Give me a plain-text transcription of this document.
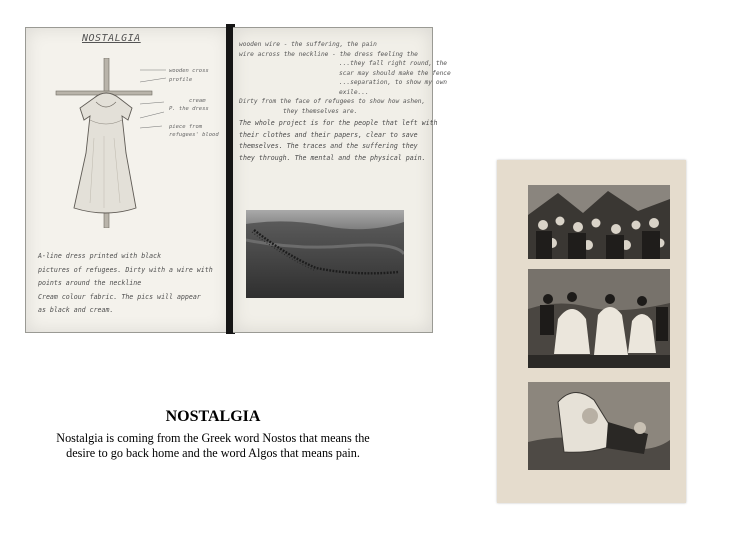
NOSTALGIA
wooden cross
profile
cream
P. the dress
piece from refugees' blood
A-line dress printed with black
pictures of refugees. Dirty with a wire with
points around the neckline
Cream colour fabric. The pics will appear
as black and cream.
wooden wire - the suffering, the pain
wire across the neckline - the dress feeling the
...they fall right round, the
scar may should make the fence
...separation, to show my own
exile...
Dirty from the face of refugees to show how ashen,
they themselves are.
The whole project is for the people that left with
their clothes and their papers, clear to save
themselves. The traces and the suffering they
they through. The mental and the physical pain.
NOSTALGIA
Nostalgia is coming from the Greek word Nostos that means the
desire to go back home and the word Algos that means pain.
